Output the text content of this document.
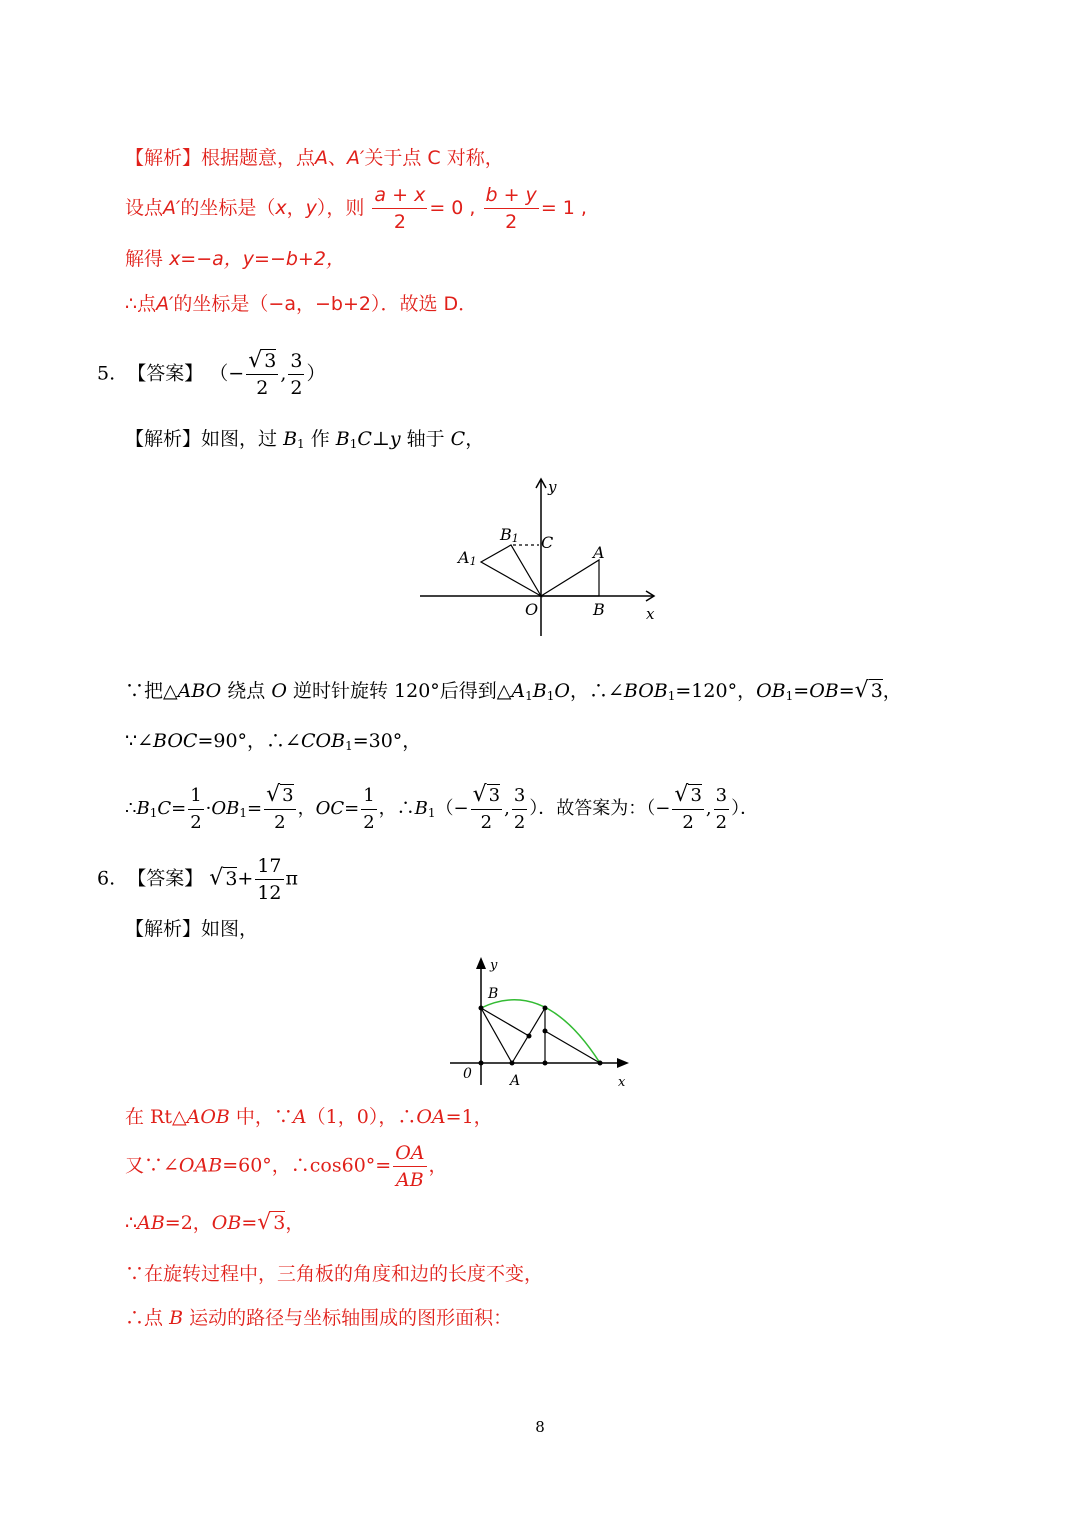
【解析】根据题意，点A、A′关于点 C 对称，
设点A′的坐标是（x，y），则 $\frac{a + x}{2} = 0$ , $\frac{b + y}{2} = 1$ ,
解得 x=−a，y=−b+2，
∴点A′的坐标是（−a，−b+2）．故选 D．
5. 【答案】 （− $\frac{√ 3}{2}$ , $\frac{3}{2}$ ）
【解析】如图，过 $B_1$ 作 $B_1C\perp y$ 轴于 C，
y
x
O	B
A
C
B1
A1
∵把△ABO 绕点 O 逆时针旋转 120°后得到$\triangle A_1B_1O$，$\therefore\angle BOB_1=120^\circ$，$OB_1=OB=√$ 3，
∵∠BOC=90°，$\therefore\angle COB_1=30^\circ$，
$\therefore B_1C= \frac{1}{2} \cdot OB_1= \frac{√ 3}{2}$ ，$OC= \frac{1}{2}$ ，$\therefore B_1(- \frac{√ 3}{2}$ , $\frac{3}{2}$ ）．故答案为：（− $\frac{√ 3}{2}$ , $\frac{3}{2}$ ）．
6. 【答案】 √ $3+ \frac{17}{12}$ π
【解析】如图，
y
x
0	A
B
在 Rt△AOB 中，∵A（1，0），∴OA=1，
又∵∠OAB=60°，∴cos60°= $\frac{OA}{AB}$ ，
∴AB=2，OB=√ 3，
∵在旋转过程中，三角板的角度和边的长度不变，
∴点 B 运动的路径与坐标轴围成的图形面积：
8
